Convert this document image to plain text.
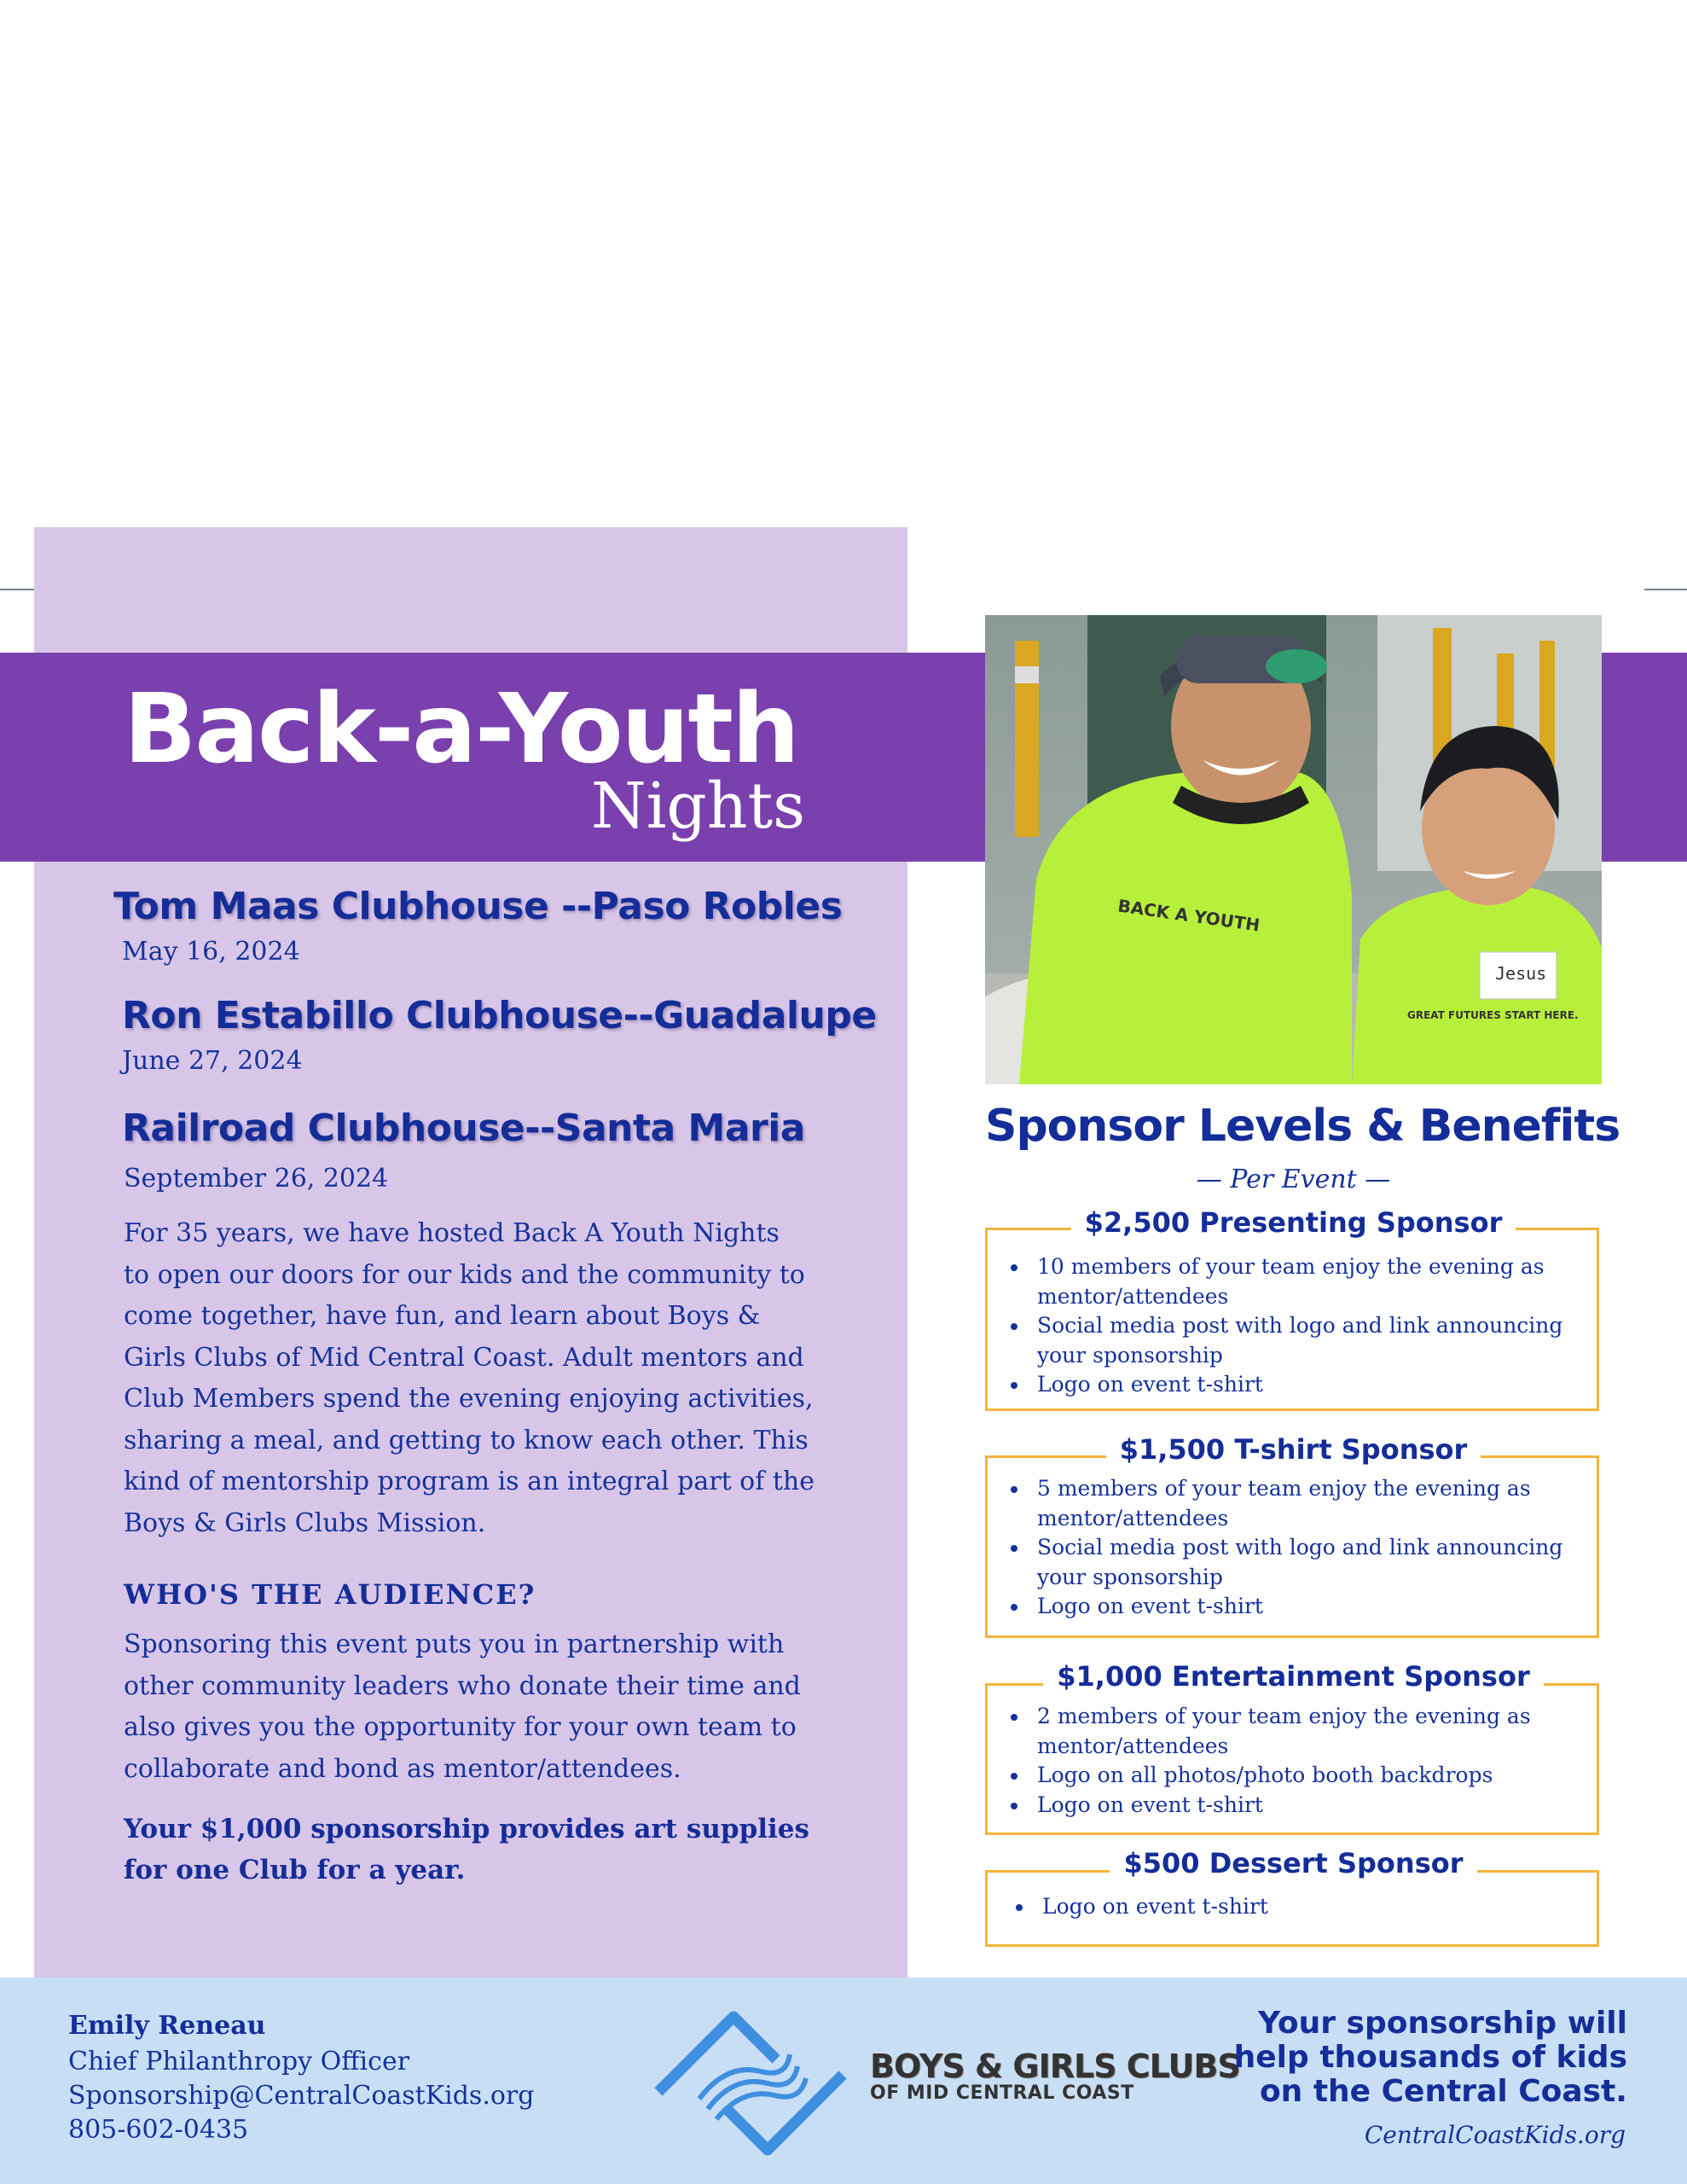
Back-a-Youth
Nights
Jesus
GREAT FUTURES START HERE.
BACK A YOUTH
Tom Maas Clubhouse --Paso Robles
May 16, 2024
Ron Estabillo Clubhouse--Guadalupe
June 27, 2024
Railroad Clubhouse--Santa Maria
September 26, 2024
For 35 years, we have hosted Back A Youth Nights
to open our doors for our kids and the community to
come together, have fun, and learn about Boys &
Girls Clubs of Mid Central Coast. Adult mentors and
Club Members spend the evening enjoying activities,
sharing a meal, and getting to know each other. This
kind of mentorship program is an integral part of the
Boys & Girls Clubs Mission.
WHO'S THE AUDIENCE?
Sponsoring this event puts you in partnership with
other community leaders who donate their time and
also gives you the opportunity for your own team to
collaborate and bond as mentor/attendees.
Your $1,000 sponsorship provides art supplies
for one Club for a year.
Sponsor Levels & Benefits
— Per Event —
$2,500 Presenting Sponsor
10 members of your team enjoy the evening as mentor/attendees
Social media post with logo and link announcing your sponsorship
Logo on event t-shirt
$1,500 T-shirt Sponsor
5 members of your team enjoy the evening as mentor/attendees
Social media post with logo and link announcing your sponsorship
Logo on event t-shirt
$1,000 Entertainment Sponsor
2 members of your team enjoy the evening as mentor/attendees
Logo on all photos/photo booth backdrops
Logo on event t-shirt
$500 Dessert Sponsor
Logo on event t-shirt
Emily Reneau
Chief Philanthropy Officer
Sponsorship@CentralCoastKids.org
805-602-0435
BOYS & GIRLS CLUBS
OF MID CENTRAL COAST
Your sponsorship will
help thousands of kids
on the Central Coast.
CentralCoastKids.org
